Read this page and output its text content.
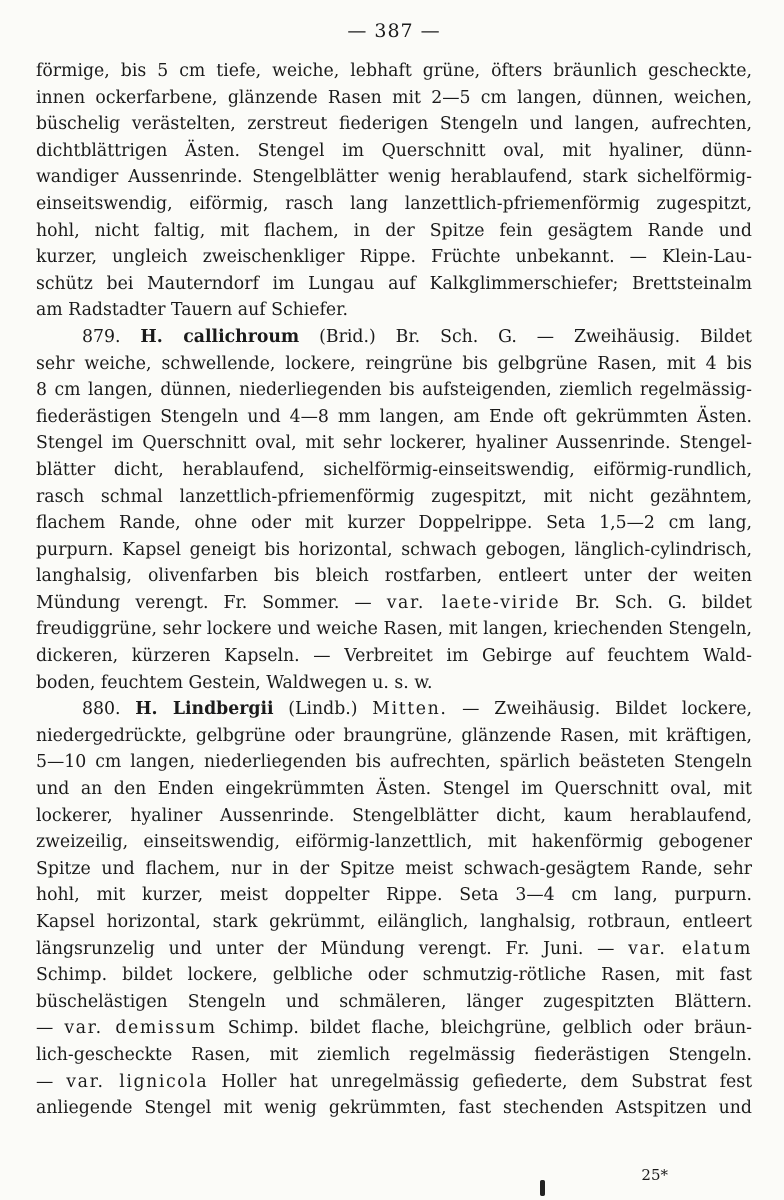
— 387 —
förmige, bis 5 cm tiefe, weiche, lebhaft grüne, öfters bräunlich gescheckte,
innen ockerfarbene, glänzende Rasen mit 2—5 cm langen, dünnen, weichen,
büschelig verästelten, zerstreut fiederigen Stengeln und langen, aufrechten,
dichtblättrigen Ästen. Stengel im Querschnitt oval, mit hyaliner, dünn-
wandiger Aussenrinde. Stengelblätter wenig herablaufend, stark sichelförmig-
einseitswendig, eiförmig, rasch lang lanzettlich-pfriemenförmig zugespitzt,
hohl, nicht faltig, mit flachem, in der Spitze fein gesägtem Rande und
kurzer, ungleich zweischenkliger Rippe. Früchte unbekannt. — Klein-Lau-
schütz bei Mauterndorf im Lungau auf Kalkglimmerschiefer; Brettsteinalm
am Radstadter Tauern auf Schiefer.
879. H. callichroum (Brid.) Br. Sch. G. — Zweihäusig. Bildet
sehr weiche, schwellende, lockere, reingrüne bis gelbgrüne Rasen, mit 4 bis
8 cm langen, dünnen, niederliegenden bis aufsteigenden, ziemlich regelmässig-
fiederästigen Stengeln und 4—8 mm langen, am Ende oft gekrümmten Ästen.
Stengel im Querschnitt oval, mit sehr lockerer, hyaliner Aussenrinde. Stengel-
blätter dicht, herablaufend, sichelförmig-einseitswendig, eiförmig-rundlich,
rasch schmal lanzettlich-pfriemenförmig zugespitzt, mit nicht gezähntem,
flachem Rande, ohne oder mit kurzer Doppelrippe. Seta 1,5—2 cm lang,
purpurn. Kapsel geneigt bis horizontal, schwach gebogen, länglich-cylindrisch,
langhalsig, olivenfarben bis bleich rostfarben, entleert unter der weiten
Mündung verengt. Fr. Sommer. — var. laete-viride Br. Sch. G. bildet
freudiggrüne, sehr lockere und weiche Rasen, mit langen, kriechenden Stengeln,
dickeren, kürzeren Kapseln. — Verbreitet im Gebirge auf feuchtem Wald-
boden, feuchtem Gestein, Waldwegen u. s. w.
880. H. Lindbergii (Lindb.) Mitten. — Zweihäusig. Bildet lockere,
niedergedrückte, gelbgrüne oder braungrüne, glänzende Rasen, mit kräftigen,
5—10 cm langen, niederliegenden bis aufrechten, spärlich beästeten Stengeln
und an den Enden eingekrümmten Ästen. Stengel im Querschnitt oval, mit
lockerer, hyaliner Aussenrinde. Stengelblätter dicht, kaum herablaufend,
zweizeilig, einseitswendig, eiförmig-lanzettlich, mit hakenförmig gebogener
Spitze und flachem, nur in der Spitze meist schwach-gesägtem Rande, sehr
hohl, mit kurzer, meist doppelter Rippe. Seta 3—4 cm lang, purpurn.
Kapsel horizontal, stark gekrümmt, eilänglich, langhalsig, rotbraun, entleert
längsrunzelig und unter der Mündung verengt. Fr. Juni. — var. elatum
Schimp. bildet lockere, gelbliche oder schmutzig-rötliche Rasen, mit fast
büschelästigen Stengeln und schmäleren, länger zugespitzten Blättern.
— var. demissum Schimp. bildet flache, bleichgrüne, gelblich oder bräun-
lich-gescheckte Rasen, mit ziemlich regelmässig fiederästigen Stengeln.
— var. lignicola Holler hat unregelmässig gefiederte, dem Substrat fest
anliegende Stengel mit wenig gekrümmten, fast stechenden Astspitzen und
25*
